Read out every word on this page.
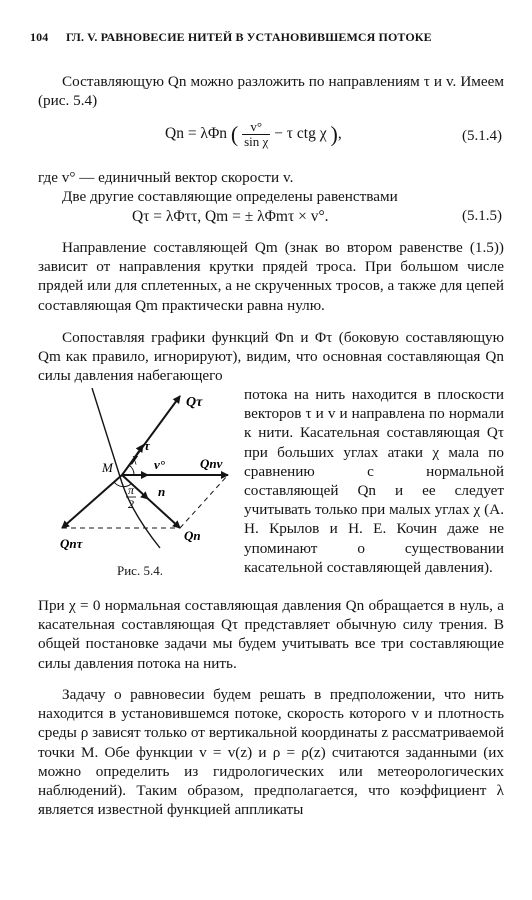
104 ГЛ. V. РАВНОВЕСИЕ НИТЕЙ В УСТАНОВИВШЕМСЯ ПОТОКЕ

Составляющую Qn можно разложить по направлениям τ и v. Имеем (рис. 5.4)

Qn = λΦn ( $\frac{v^\circ}{\text{sin χ}} - \tau$ ctg χ ),	(5.1.4)

где v° — единичный вектор скорости v.

Две другие составляющие определены равенствами

Qτ = λΦττ, Qm = ± λΦmτ × v°.	(5.1.5)

Направление составляющей Qm (знак во втором равенстве (1.5)) зависит от направления крутки прядей троса. При большом числе прядей или для сплетенных, а не скрученных тросов, а также для цепей составляющая Qm практически равна нулю.

Сопоставляя графики функций Φn и Φτ (боковую составляющую Qm как правило, игнорируют), видим, что основная составляющая Qn силы давления набегающего

потока на нить находится в плоскости векторов τ и v и направлена по нормали к нити. Касательная составляющая Qτ при больших углах атаки χ мала по сравнению с нормальной составляющей Qn и ее следует учитывать только при малых углах χ (А. Н. Крылов и Н. Е. Кочин даже не упоминают о существовании касательной составляющей давления).

Qτ
τ
M
χ v°	Qnv
n
π
2
Qnτ
Qn
Рис. 5.4.

При χ = 0 нормальная составляющая давления Qn обращается в нуль, а касательная составляющая Qτ представляет обычную силу трения. В общей постановке задачи мы будем учитывать все три составляющие силы давления потока на нить.

Задачу о равновесии будем решать в предположении, что нить находится в установившемся потоке, скорость которого v и плотность среды ρ зависят только от вертикальной координаты z рассматриваемой точки M. Обе функции v = v(z) и ρ = ρ(z) считаются заданными (их можно определить из гидрологических или метеорологических наблюдений). Таким образом, предполагается, что коэффициент λ является известной функцией аппликаты
